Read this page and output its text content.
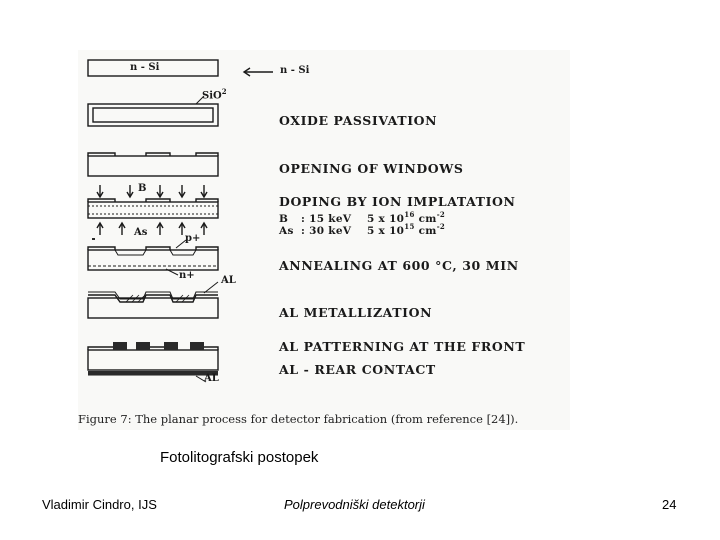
n - Si	n - Si
SiO$^2$
B
As
p+
n+	AL
AL
OXIDE PASSIVATION
OPENING OF WINDOWS
DOPING BY ION IMPLATATION
B : 15 keV 5 x $10^{16}$ $cm^{-2}$
As : 30 keV 5 x $10^{15}$ $cm^{-2}$
ANNEALING AT 600 °C, 30 MIN
AL METALLIZATION
AL PATTERNING AT THE FRONT
AL - REAR CONTACT
Figure 7: The planar process for detector fabrication (from reference [24]).
Fotolitografski postopek
Vladimir Cindro, IJS	Polprevodniški detektorji	24
